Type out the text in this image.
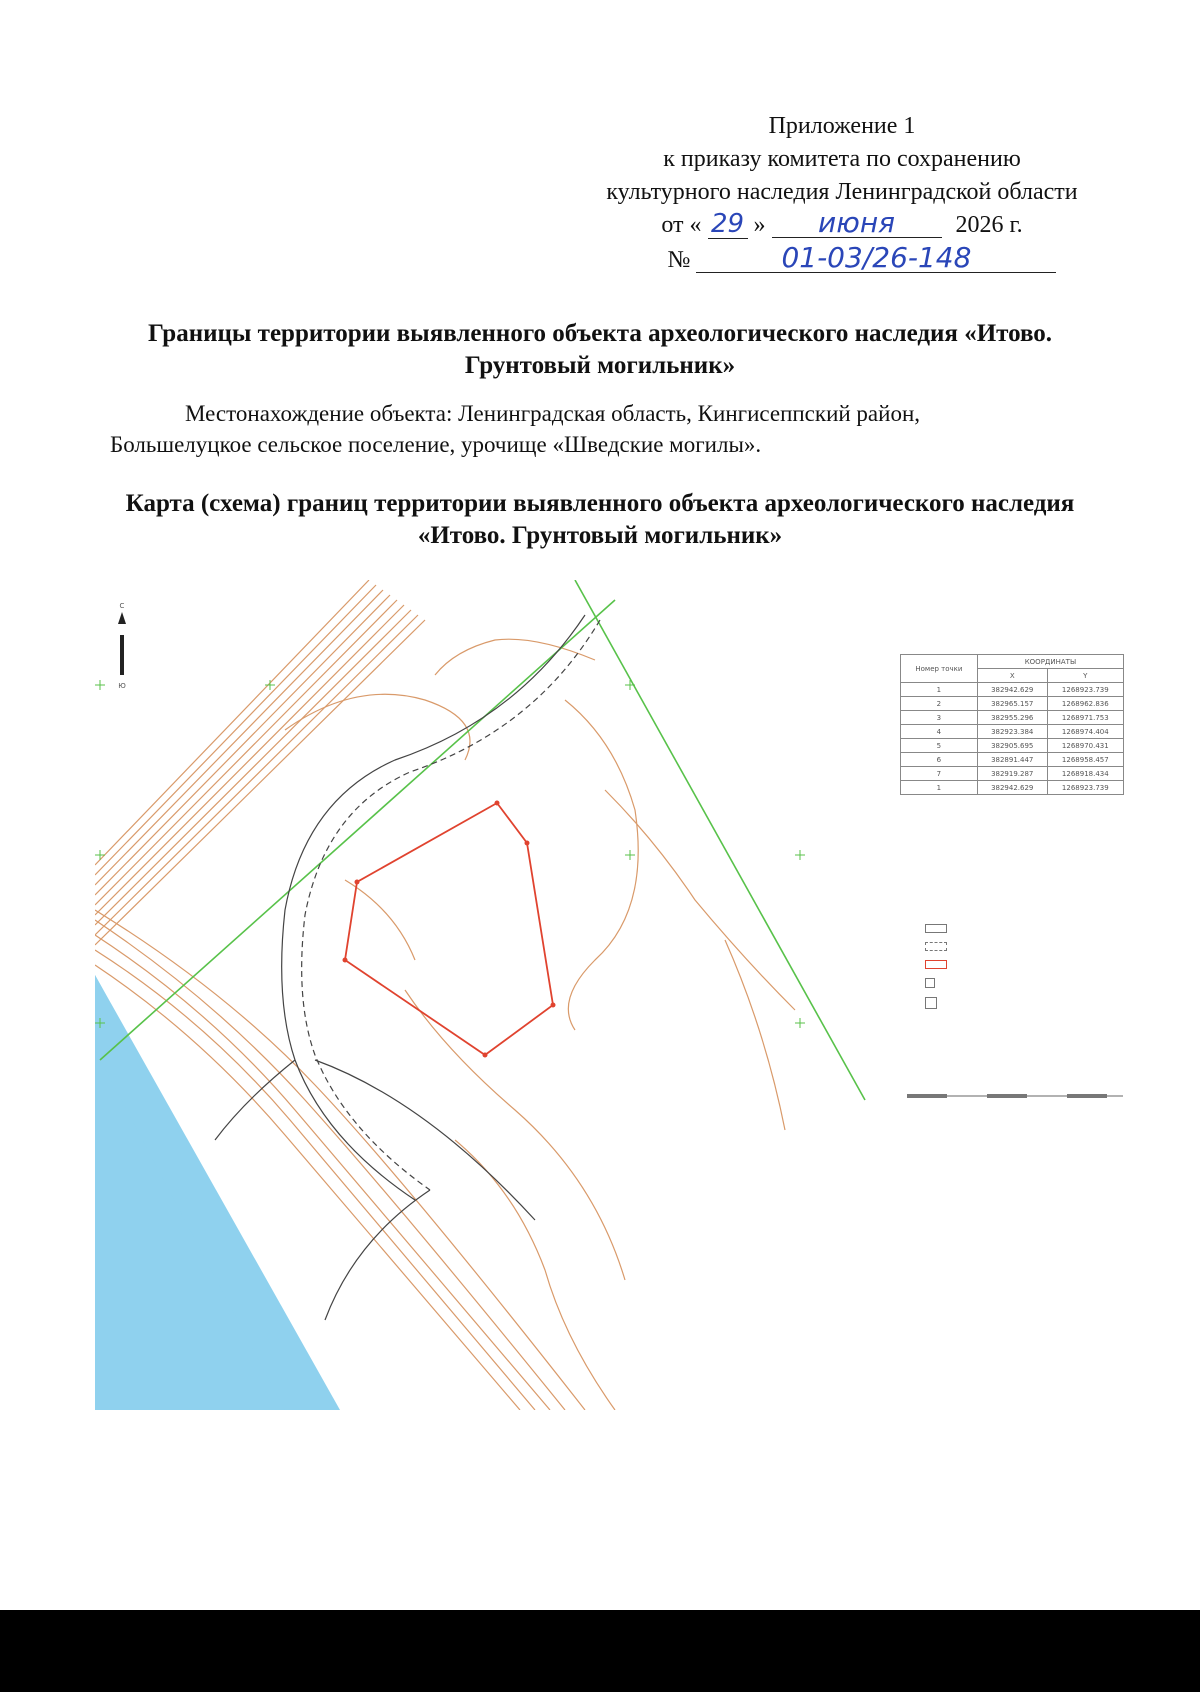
Приложение 1
к приказу комитета по сохранению
культурного наследия Ленинградской области
от « 29 »	июня	2026 г.
№	01-03/26-148
Границы территории выявленного объекта археологического наследия «Итово. Грунтовый могильник»
Местонахождение объекта: Ленинградская область, Кингисеппский район,
Большелуцкое сельское поселение, урочище «Шведские могилы».
Карта (схема) границ территории выявленного объекта археологического наследия «Итово. Грунтовый могильник»
С
Ю
Номер точки	КООРДИНАТЫ	
	X	Y
1	382942.629	1268923.739
2	382965.157	1268962.836
3	382955.296	1268971.753
4	382923.384	1268974.404
5	382905.695	1268970.431
6	382891.447	1268958.457
7	382919.287	1268918.434
1	382942.629	1268923.739
